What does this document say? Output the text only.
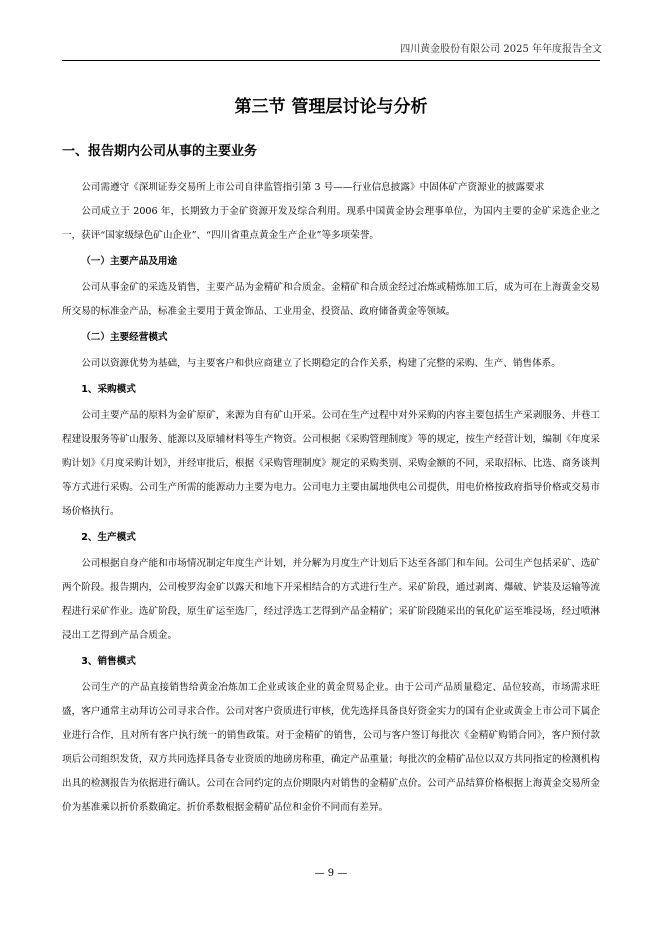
四川黄金股份有限公司 2025 年年度报告全文
第三节 管理层讨论与分析
一、报告期内公司从事的主要业务

公司需遵守《深圳证券交易所上市公司自律监管指引第 3 号——行业信息披露》中固体矿产资源业的披露要求

公司成立于 2006 年，长期致力于金矿资源开发及综合利用。现系中国黄金协会理事单位，为国内主要的金矿采选企业之一，获评“国家级绿色矿山企业”、“四川省重点黄金生产企业”等多项荣誉。

（一）主要产品及用途

公司从事金矿的采选及销售，主要产品为金精矿和合质金。金精矿和合质金经过冶炼或精炼加工后，成为可在上海黄金交易所交易的标准金产品，标准金主要用于黄金饰品、工业用金、投资品、政府储备黄金等领域。

（二）主要经营模式

公司以资源优势为基础，与主要客户和供应商建立了长期稳定的合作关系，构建了完整的采购、生产、销售体系。

1、采购模式

公司主要产品的原料为金矿原矿，来源为自有矿山开采。公司在生产过程中对外采购的内容主要包括生产采剥服务、井巷工程建设服务等矿山服务、能源以及原辅材料等生产物资。公司根据《采购管理制度》等的规定，按生产经营计划，编制《年度采购计划》《月度采购计划》，并经审批后，根据《采购管理制度》规定的采购类别、采购金额的不同，采取招标、比选、商务谈判等方式进行采购。公司生产所需的能源动力主要为电力。公司电力主要由属地供电公司提供，用电价格按政府指导价格或交易市场价格执行。

2、生产模式

公司根据自身产能和市场情况制定年度生产计划，并分解为月度生产计划后下达至各部门和车间。公司生产包括采矿、选矿两个阶段。报告期内，公司梭罗沟金矿以露天和地下开采相结合的方式进行生产。采矿阶段，通过剥离、爆破、铲装及运输等流程进行采矿作业。选矿阶段，原生矿运至选厂，经过浮选工艺得到产品金精矿；采矿阶段随采出的氧化矿运至堆浸场，经过喷淋浸出工艺得到产品合质金。

3、销售模式

公司生产的产品直接销售给黄金冶炼加工企业或该企业的黄金贸易企业。由于公司产品质量稳定、品位较高，市场需求旺盛，客户通常主动拜访公司寻求合作。公司对客户资质进行审核，优先选择具备良好资金实力的国有企业或黄金上市公司下属企业进行合作，且对所有客户执行统一的销售政策。对于金精矿的销售，公司与客户签订每批次《金精矿购销合同》，客户预付款项后公司组织发货，双方共同选择具备专业资质的地磅房称重，确定产品重量；每批次的金精矿品位以双方共同指定的检测机构出具的检测报告为依据进行确认。公司在合同约定的点价期限内对销售的金精矿点价。公司产品结算价格根据上海黄金交易所金价为基准乘以折价系数确定。折价系数根据金精矿品位和金价不同而有差异。

— 9 —
